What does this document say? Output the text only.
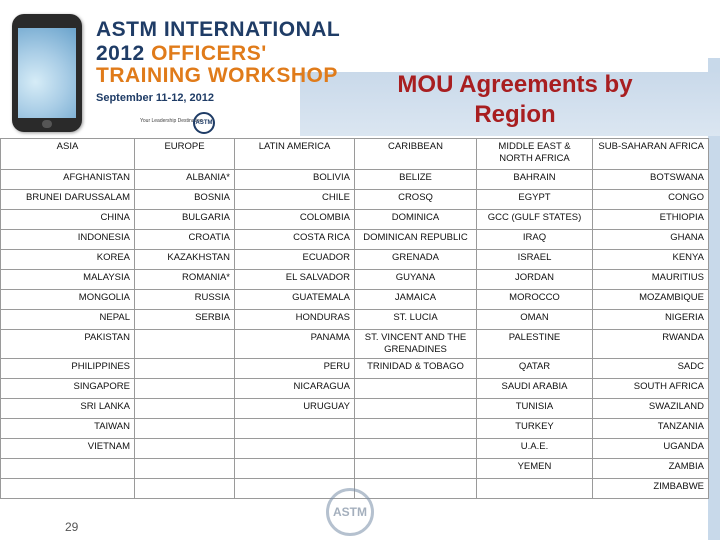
ASTM INTERNATIONAL
2012 OFFICERS'
TRAINING WORKSHOP
September 11-12, 2012
Your Leadership Destination
ASTM
MOU Agreements by Region
ASIA	EUROPE	LATIN AMERICA	CARIBBEAN	MIDDLE EAST & NORTH AFRICA	SUB-SAHARAN AFRICA
AFGHANISTAN	ALBANIA*	BOLIVIA	BELIZE	BAHRAIN	BOTSWANA
BRUNEI DARUSSALAM	BOSNIA	CHILE	CROSQ	EGYPT	CONGO
CHINA	BULGARIA	COLOMBIA	DOMINICA	GCC (GULF STATES)	ETHIOPIA
INDONESIA	CROATIA	COSTA RICA	DOMINICAN REPUBLIC	IRAQ	GHANA
KOREA	KAZAKHSTAN	ECUADOR	GRENADA	ISRAEL	KENYA
MALAYSIA	ROMANIA*	EL SALVADOR	GUYANA	JORDAN	MAURITIUS
MONGOLIA	RUSSIA	GUATEMALA	JAMAICA	MOROCCO	MOZAMBIQUE
NEPAL	SERBIA	HONDURAS	ST. LUCIA	OMAN	NIGERIA
PAKISTAN		PANAMA	ST. VINCENT AND THE GRENADINES	PALESTINE	RWANDA
PHILIPPINES		PERU	TRINIDAD & TOBAGO	QATAR	SADC
SINGAPORE		NICARAGUA		SAUDI ARABIA	SOUTH AFRICA
SRI LANKA		URUGUAY		TUNISIA	SWAZILAND
TAIWAN				TURKEY	TANZANIA
VIETNAM				U.A.E.	UGANDA
				YEMEN	ZAMBIA
					ZIMBABWE
29
ASTM
